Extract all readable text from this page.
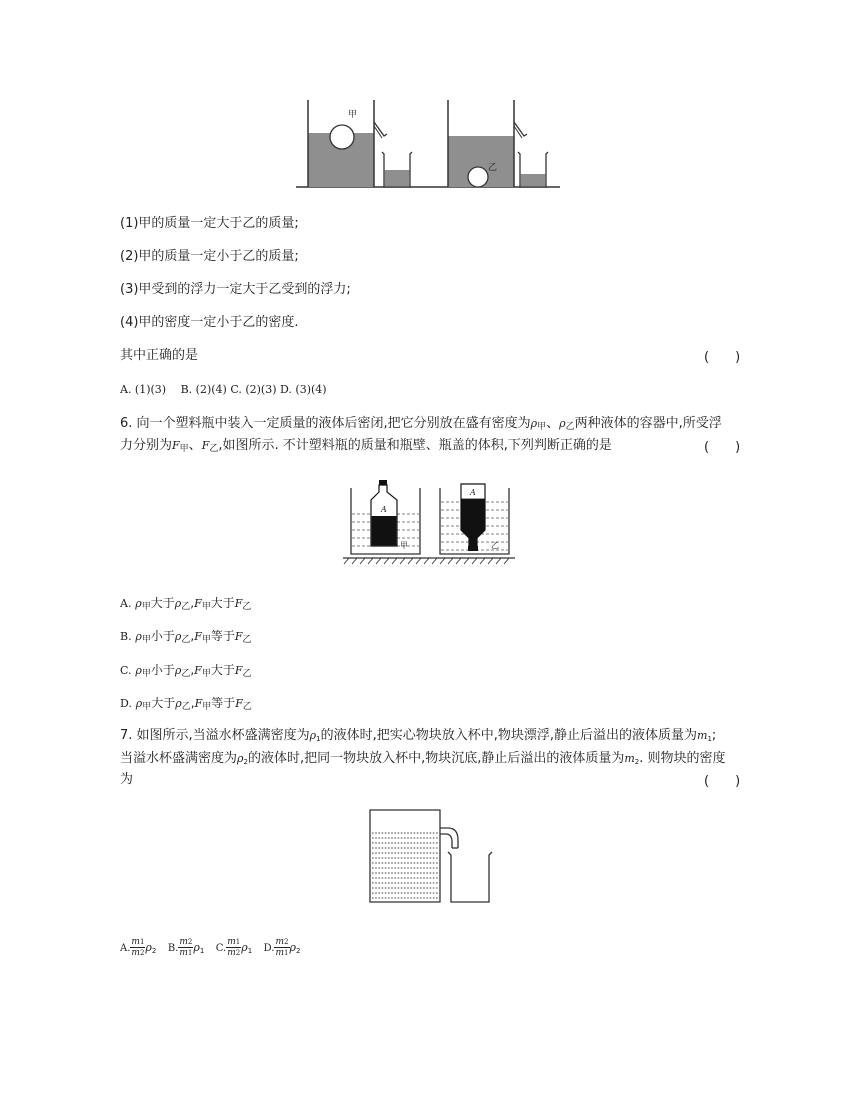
甲
乙
(1)甲的质量一定大于乙的质量;
(2)甲的质量一定小于乙的质量;
(3)甲受到的浮力一定大于乙受到的浮力;
(4)甲的密度一定小于乙的密度.
其中正确的是	(　　)
A. (1)(3)　 B. (2)(4) C. (2)(3) D. (3)(4)
6. 向一个塑料瓶中装入一定质量的液体后密闭,把它分别放在盛有密度为$\rho_甲$、$\rho_乙$两种液体的容器中,所受浮
力分别为$F_甲$、$F_乙$,如图所示. 不计塑料瓶的质量和瓶壁、瓶盖的体积,下列判断正确的是	(　　)
A
甲
A
乙
A. $\rho_甲$大于$\rho_乙,F_甲$大于$F_乙$
B. $\rho_甲$小于$\rho_乙,F_甲$等于$F_乙$
C. $\rho_甲$小于$\rho_乙,F_甲$大于$F_乙$
D. $\rho_甲$大于$\rho_乙,F_甲$等于$F_乙$
7. 如图所示,当溢水杯盛满密度为$\rho_1$的液体时,把实心物块放入杯中,物块漂浮,静止后溢出的液体质量为$m_1$;
当溢水杯盛满密度为$\rho_2$的液体时,把同一物块放入杯中,物块沉底,静止后溢出的液体质量为$m_2$. 则物块的密度
为	(　　)
A. $\frac{m1}{m2} \rho_2$ B. $\frac{m2}{m1} \rho_1$ C. $\frac{m1}{m2} \rho_1$ D. $\frac{m2}{m1} \rho_2$
